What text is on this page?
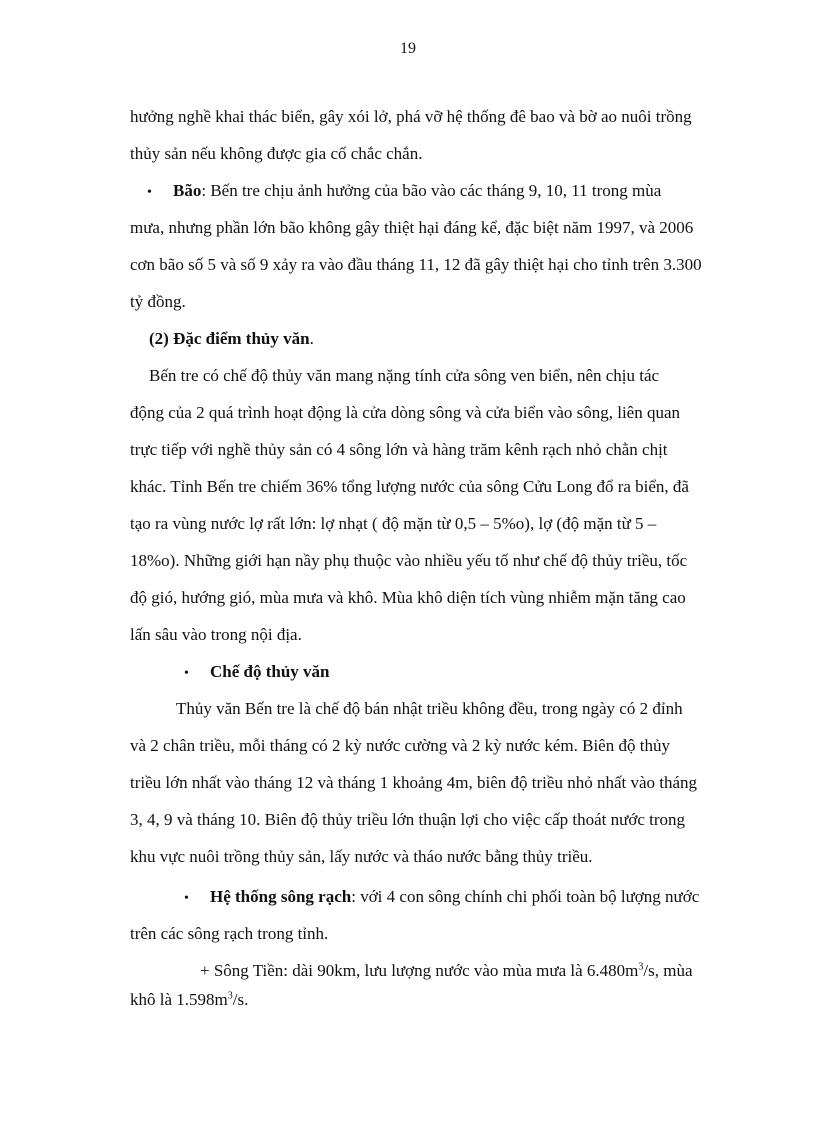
19
hưởng nghề khai thác biển, gây xói lở, phá vỡ hệ thống đê bao và bờ ao nuôi trồng
thủy sản nếu không được gia cố chắc chắn.
• Bão: Bến tre chịu ảnh hưởng của bão vào các tháng 9, 10, 11 trong mùa
mưa, nhưng phần lớn bão không gây thiệt hại đáng kể, đặc biệt năm 1997, và 2006
cơn bão số 5 và số 9 xảy ra vào đầu tháng 11, 12 đã gây thiệt hại cho tỉnh trên 3.300
tỷ đồng.
(2) Đặc điểm thủy văn.
Bến tre có chế độ thủy văn mang nặng tính cửa sông ven biển, nên chịu tác
động của 2 quá trình hoạt động là cửa dòng sông và cửa biển vào sông, liên quan
trực tiếp với nghề thủy sản có 4 sông lớn và hàng trăm kênh rạch nhỏ chằn chịt
khác. Tỉnh Bến tre chiếm 36% tổng lượng nước của sông Cửu Long đổ ra biển, đã
tạo ra vùng nước lợ rất lớn: lợ nhạt ( độ mặn từ 0,5 – 5%o), lợ (độ mặn từ 5 –
18%o). Những giới hạn nầy phụ thuộc vào nhiều yếu tố như chế độ thủy triều, tốc
độ gió, hướng gió, mùa mưa và khô. Mùa khô diện tích vùng nhiễm mặn tăng cao
lấn sâu vào trong nội địa.
• Chế độ thủy văn
Thủy văn Bến tre là chế độ bán nhật triều không đều, trong ngày có 2 đỉnh
và 2 chân triều, mỗi tháng có 2 kỳ nước cường và 2 kỳ nước kém. Biên độ thủy
triều lớn nhất vào tháng 12 và tháng 1 khoảng 4m, biên độ triều nhỏ nhất vào tháng
3, 4, 9 và tháng 10. Biên độ thủy triều lớn thuận lợi cho việc cấp thoát nước trong
khu vực nuôi trồng thủy sản, lấy nước và tháo nước bằng thủy triều.
• Hệ thống sông rạch: với 4 con sông chính chi phối toàn bộ lượng nước
trên các sông rạch trong tỉnh.
+ Sông Tiền: dài 90km, lưu lượng nước vào mùa mưa là $6.480m^3/s$, mùa
khô là $1.598m^3/s$.
